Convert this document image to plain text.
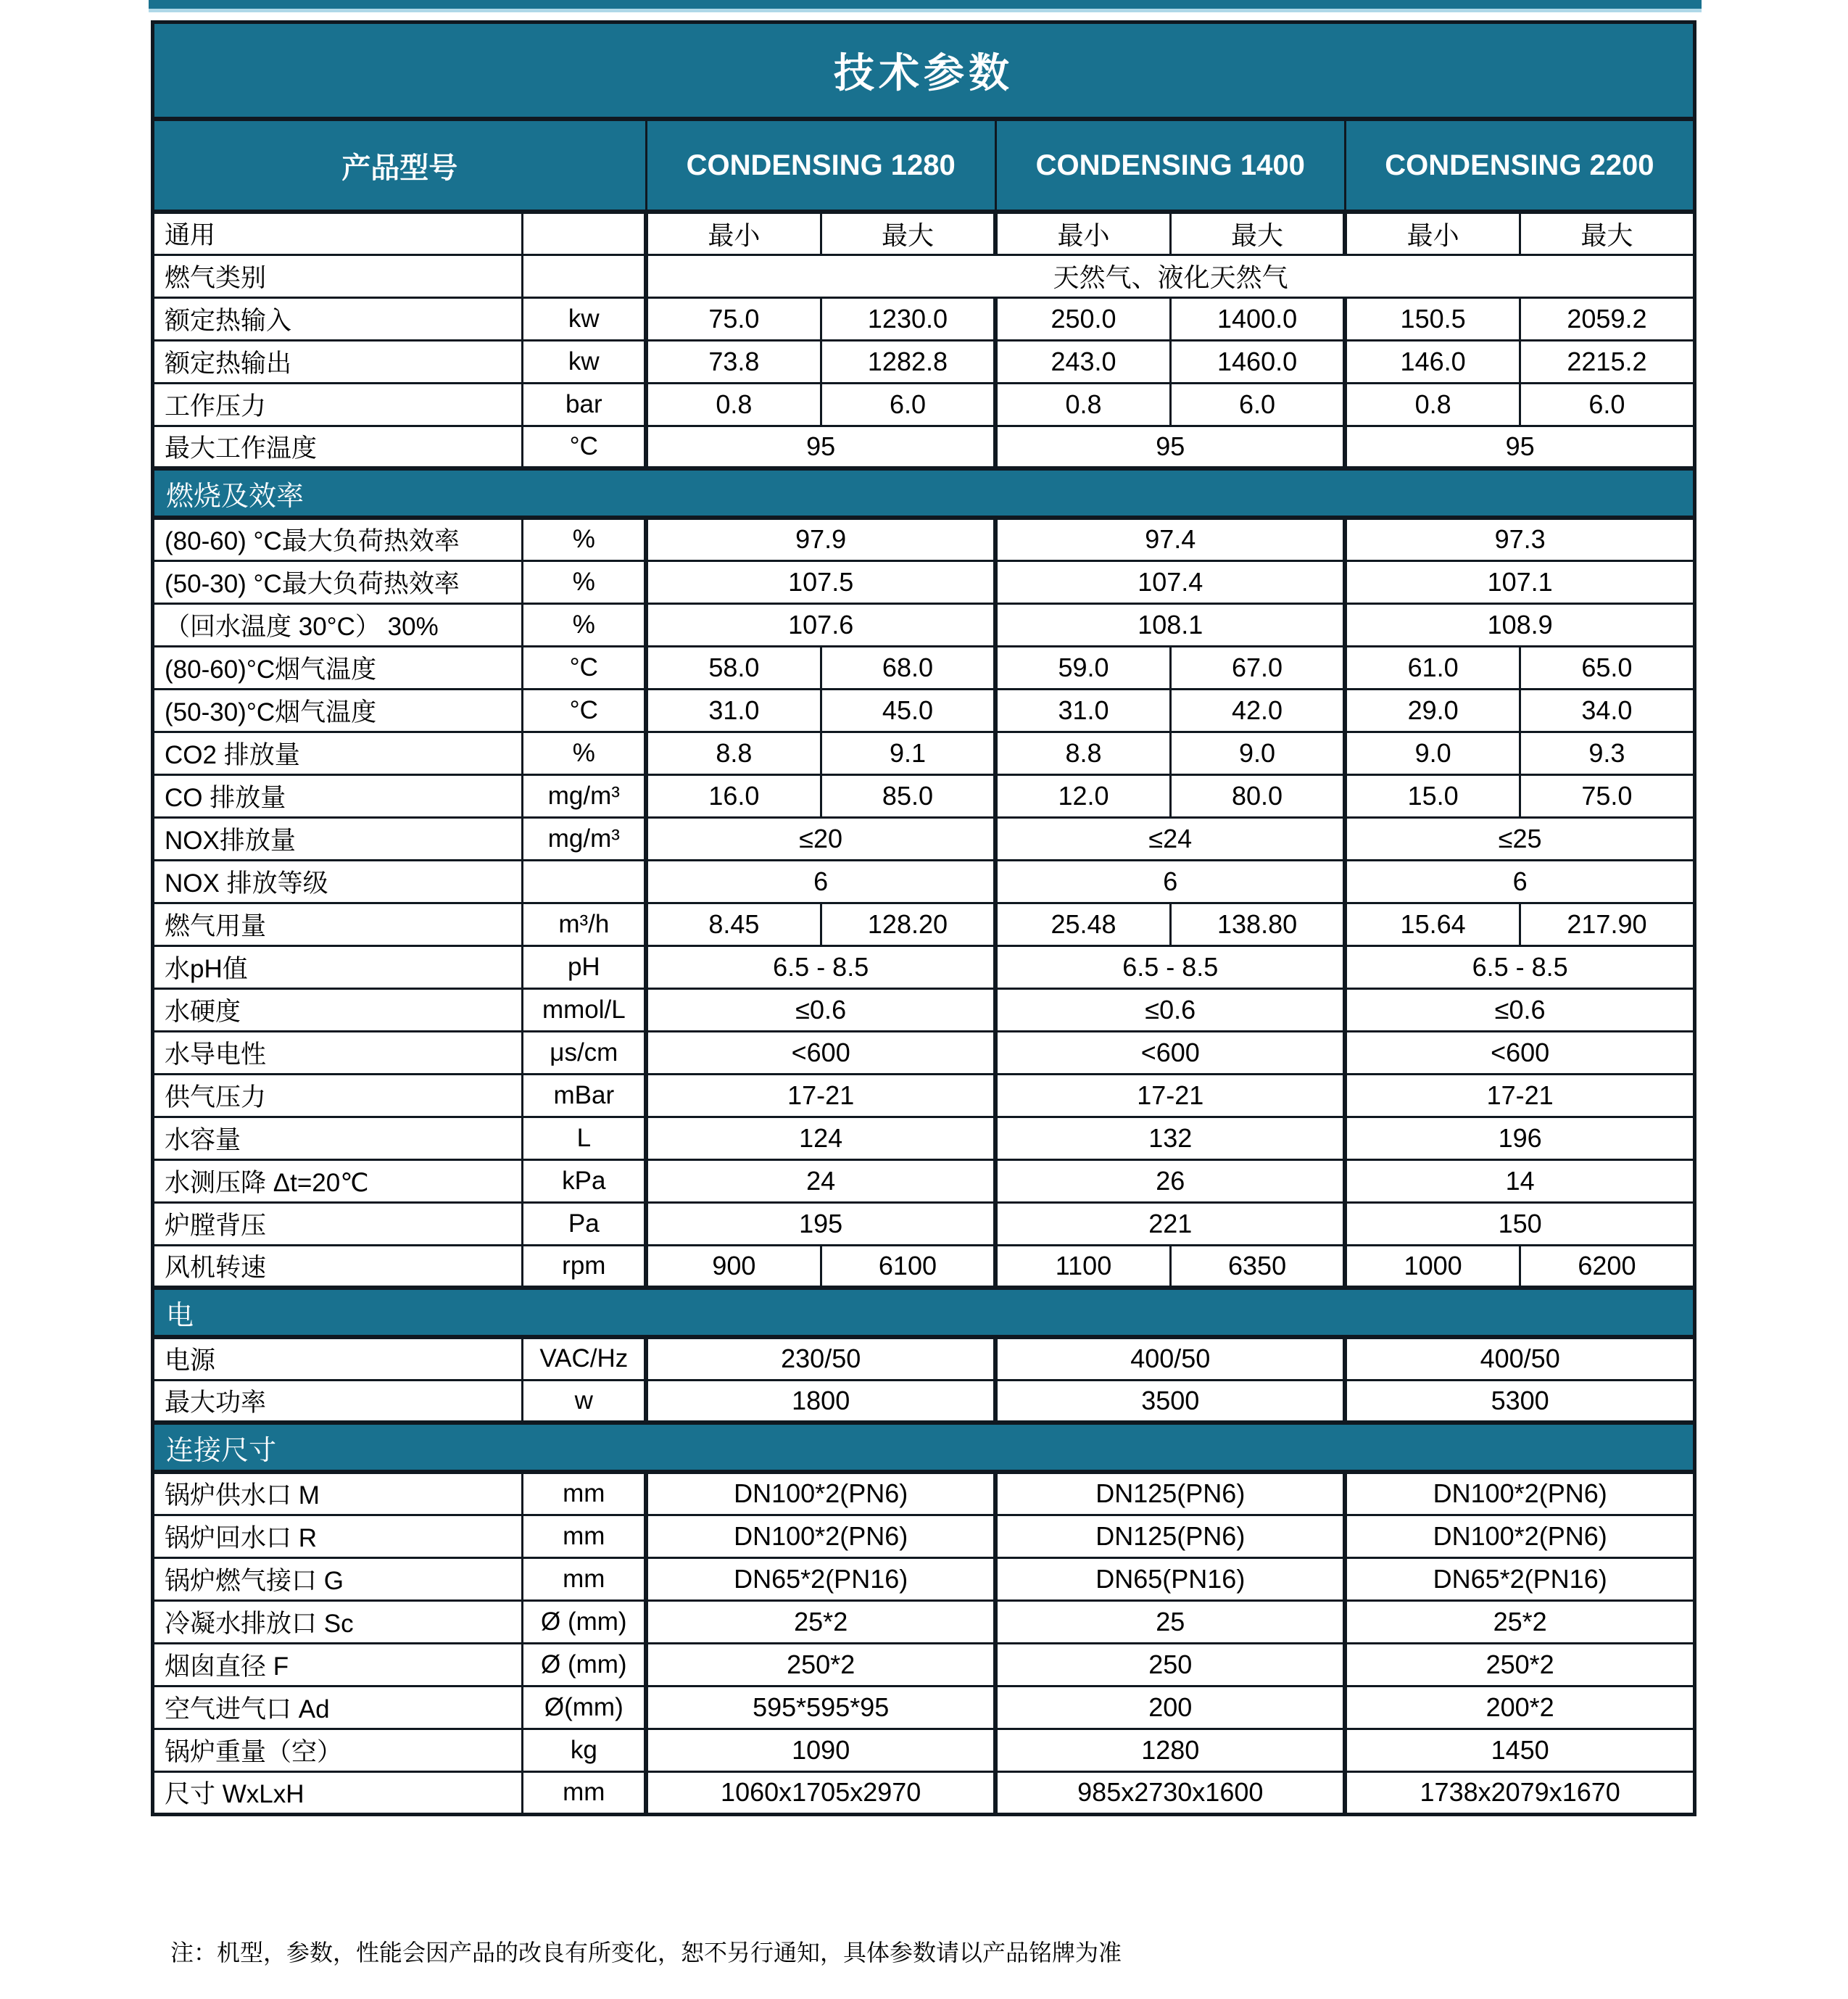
技术参数							
产品型号		CONDENSING 1280		CONDENSING 1400		CONDENSING 2200	
通用		最小	最大	最小	最大	最小	最大
燃气类别		天然气、液化天然气					
额定热输入	kw	75.0	1230.0	250.0	1400.0	150.5	2059.2
额定热输出	kw	73.8	1282.8	243.0	1460.0	146.0	2215.2
工作压力	bar	0.8	6.0	0.8	6.0	0.8	6.0
最大工作温度	°C	95		95		95	
燃烧及效率							
(80-60) °C最大负荷热效率	%	97.9		97.4		97.3	
(50-30) °C最大负荷热效率	%	107.5		107.4		107.1	
（回水温度 30°C） 30%	%	107.6		108.1		108.9	
(80-60)°C烟气温度	°C	58.0	68.0	59.0	67.0	61.0	65.0
(50-30)°C烟气温度	°C	31.0	45.0	31.0	42.0	29.0	34.0
CO2 排放量	%	8.8	9.1	8.8	9.0	9.0	9.3
CO 排放量	mg/m³	16.0	85.0	12.0	80.0	15.0	75.0
NOX排放量	mg/m³	≤20		≤24		≤25	
NOX 排放等级		6		6		6	
燃气用量	m³/h	8.45	128.20	25.48	138.80	15.64	217.90
水pH值	pH	6.5 - 8.5		6.5 - 8.5		6.5 - 8.5	
水硬度	mmol/L	≤0.6		≤0.6		≤0.6	
水导电性	μs/cm	<600		<600		<600	
供气压力	mBar	17-21		17-21		17-21	
水容量	L	124		132		196	
水测压降 Δt=20℃	kPa	24		26		14	
炉膛背压	Pa	195		221		150	
风机转速	rpm	900	6100	1100	6350	1000	6200
电							
电源	VAC/Hz	230/50		400/50		400/50	
最大功率	w	1800		3500		5300	
连接尺寸							
锅炉供水口 M	mm	DN100*2(PN6)		DN125(PN6)		DN100*2(PN6)	
锅炉回水口 R	mm	DN100*2(PN6)		DN125(PN6)		DN100*2(PN6)	
锅炉燃气接口 G	mm	DN65*2(PN16)		DN65(PN16)		DN65*2(PN16)	
冷凝水排放口 Sc	Ø (mm)	25*2		25		25*2	
烟囱直径 F	Ø (mm)	250*2		250		250*2	
空气进气口 Ad	Ø(mm)	595*595*95		200		200*2	
锅炉重量（空）	kg	1090		1280		1450	
尺寸 WxLxH	mm	1060x1705x2970		985x2730x1600		1738x2079x1670	
注：机型，参数，性能会因产品的改良有所变化，恕不另行通知，具体参数请以产品铭牌为准
